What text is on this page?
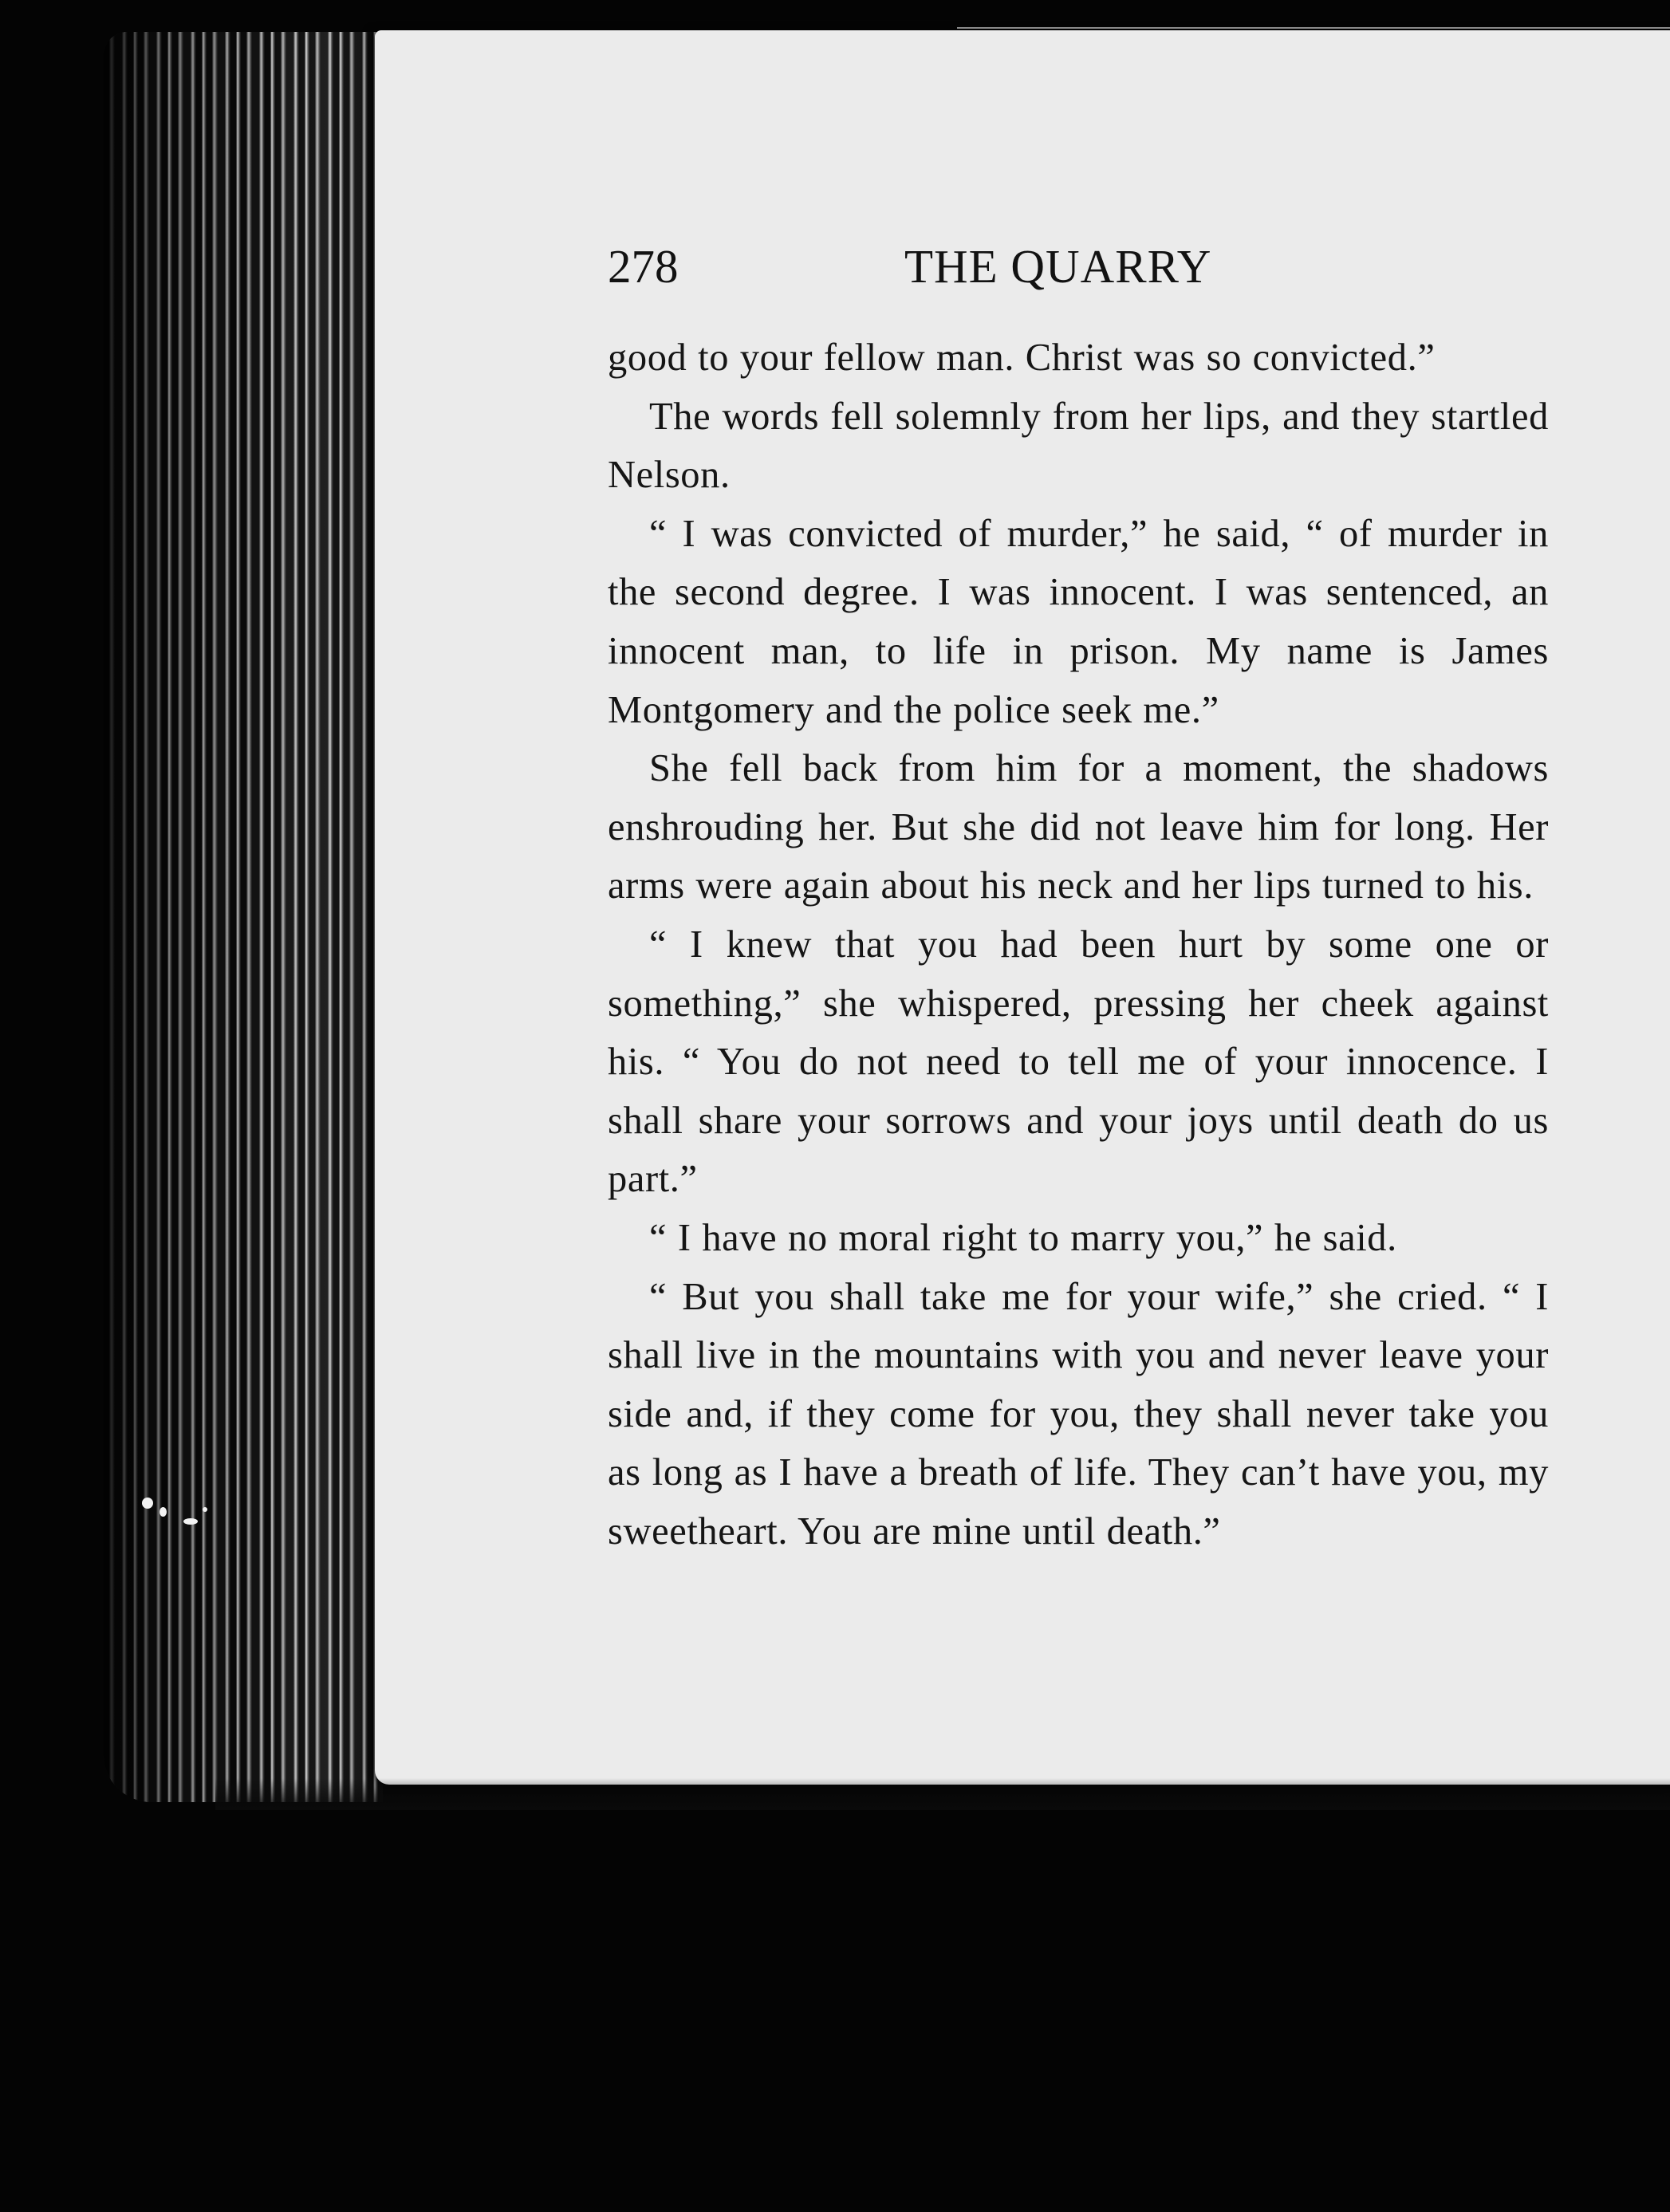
278	THE QUARRY

good to your fellow man. Christ was so convicted.”

The words fell solemnly from her lips, and they startled Nelson.

“ I was convicted of murder,” he said, “ of murder in the second degree. I was innocent. I was sentenced, an innocent man, to life in prison. My name is James Montgomery and the police seek me.”

She fell back from him for a moment, the shadows enshrouding her. But she did not leave him for long. Her arms were again about his neck and her lips turned to his.

“ I knew that you had been hurt by some one or something,” she whispered, pressing her cheek against his. “ You do not need to tell me of your innocence. I shall share your sorrows and your joys until death do us part.”

“ I have no moral right to marry you,” he said.

“ But you shall take me for your wife,” she cried. “ I shall live in the mountains with you and never leave your side and, if they come for you, they shall never take you as long as I have a breath of life. They can’t have you, my sweetheart. You are mine until death.”
